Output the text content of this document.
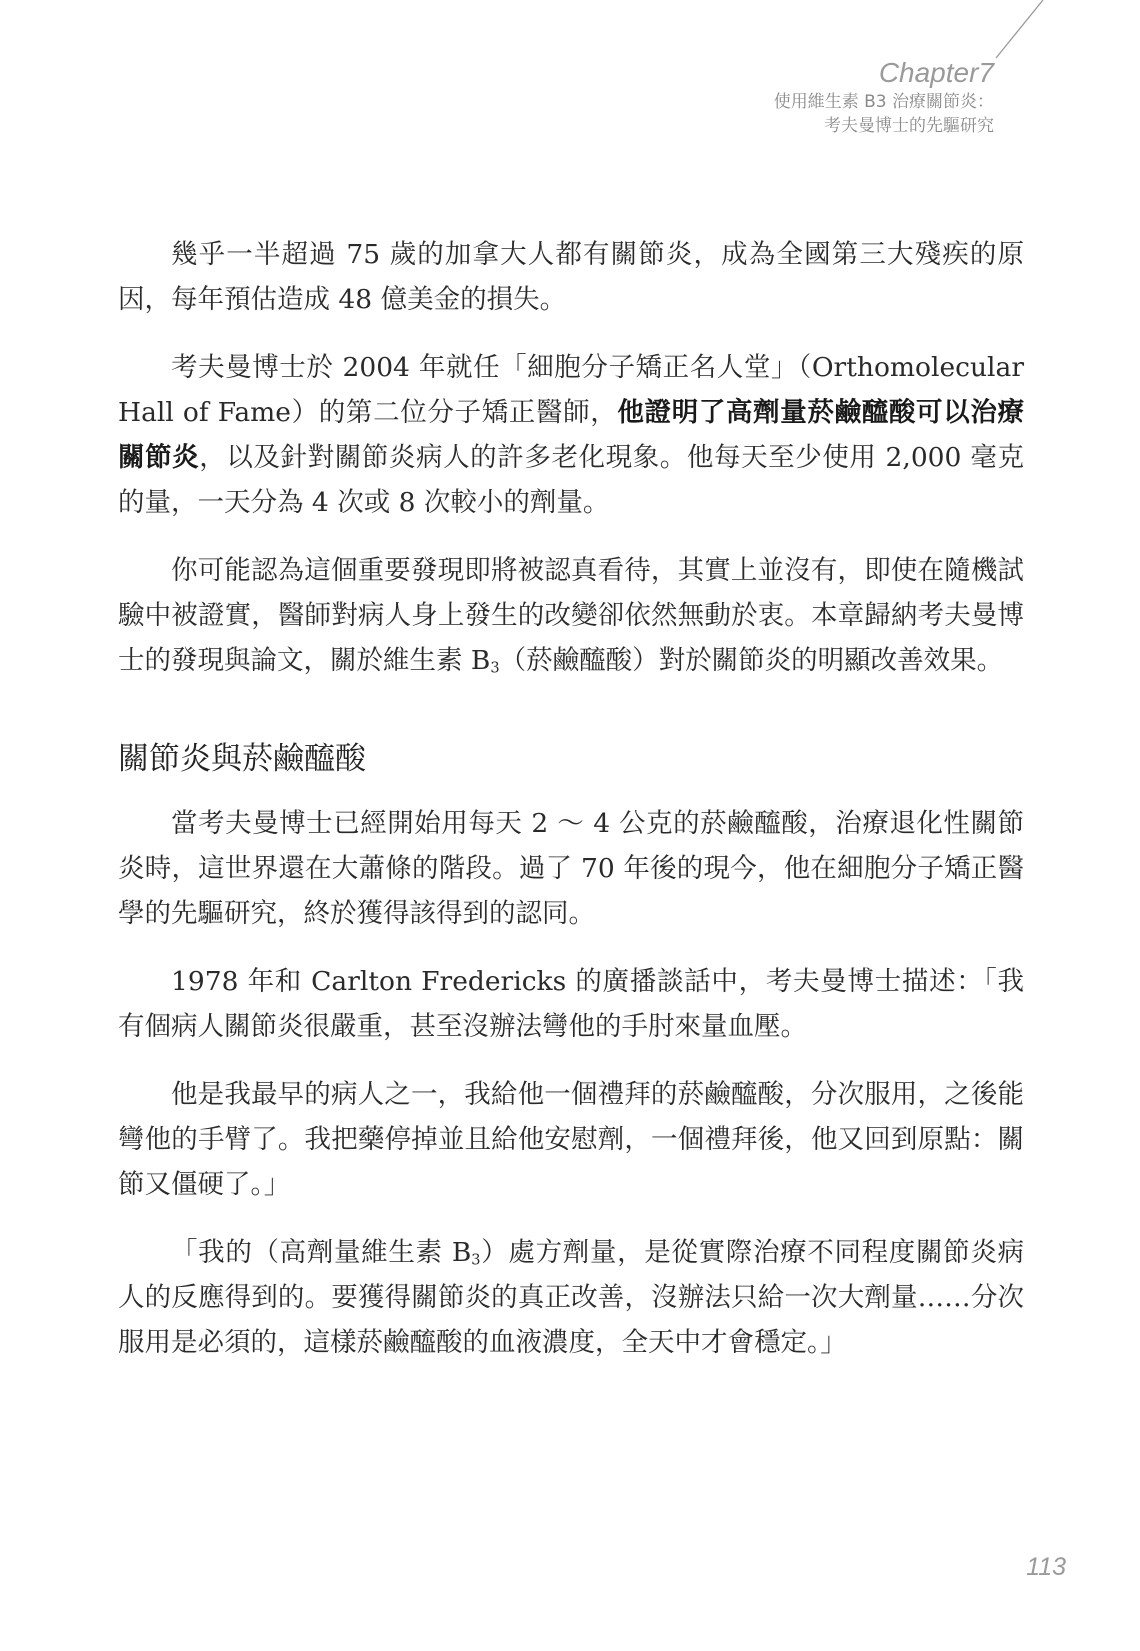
Chapter7
使用維生素 B3 治療關節炎：
考夫曼博士的先驅研究

幾乎一半超過 75 歲的加拿大人都有關節炎，成為全國第三大殘疾的原因，每年預估造成 48 億美金的損失。

考夫曼博士於 2004 年就任「細胞分子矯正名人堂」（Orthomolecular Hall of Fame）的第二位分子矯正醫師，他證明了高劑量菸鹼醯酸可以治療關節炎，以及針對關節炎病人的許多老化現象。他每天至少使用 2,000 毫克的量，一天分為 4 次或 8 次較小的劑量。

你可能認為這個重要發現即將被認真看待，其實上並沒有，即使在隨機試驗中被證實，醫師對病人身上發生的改變卻依然無動於衷。本章歸納考夫曼博士的發現與論文，關於維生素 $B_3$（菸鹼醯酸）對於關節炎的明顯改善效果。

關節炎與菸鹼醯酸

當考夫曼博士已經開始用每天 2 ～ 4 公克的菸鹼醯酸，治療退化性關節炎時，這世界還在大蕭條的階段。過了 70 年後的現今，他在細胞分子矯正醫學的先驅研究，終於獲得該得到的認同。

1978 年和 Carlton Fredericks 的廣播談話中，考夫曼博士描述：「我有個病人關節炎很嚴重，甚至沒辦法彎他的手肘來量血壓。

他是我最早的病人之一，我給他一個禮拜的菸鹼醯酸，分次服用，之後能彎他的手臂了。我把藥停掉並且給他安慰劑，一個禮拜後，他又回到原點：關節又僵硬了。」

「我的（高劑量維生素 $B_3$）處方劑量，是從實際治療不同程度關節炎病人的反應得到的。要獲得關節炎的真正改善，沒辦法只給一次大劑量……分次服用是必須的，這樣菸鹼醯酸的血液濃度，全天中才會穩定。」

113
